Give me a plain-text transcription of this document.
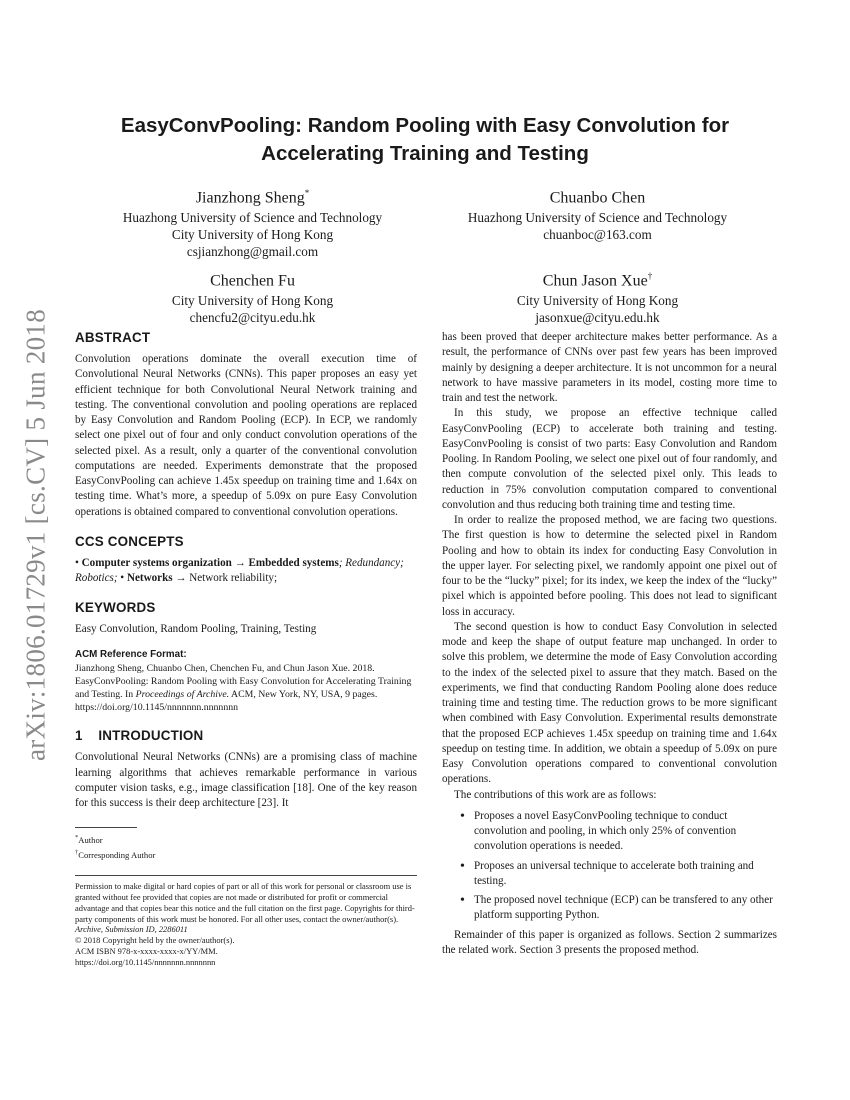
arXiv:1806.01729v1 [cs.CV] 5 Jun 2018
EasyConvPooling: Random Pooling with Easy Convolution for Accelerating Training and Testing
Jianzhong Sheng*
Huazhong University of Science and Technology
City University of Hong Kong
csjianzhong@gmail.com
Chuanbo Chen
Huazhong University of Science and Technology
chuanboc@163.com
Chenchen Fu
City University of Hong Kong
chencfu2@cityu.edu.hk
Chun Jason Xue†
City University of Hong Kong
jasonxue@cityu.edu.hk
ABSTRACT

Convolution operations dominate the overall execution time of Convolutional Neural Networks (CNNs). This paper proposes an easy yet efficient technique for both Convolutional Neural Network training and testing. The conventional convolution and pooling operations are replaced by Easy Convolution and Random Pooling (ECP). In ECP, we randomly select one pixel out of four and only conduct convolution operations of the selected pixel. As a result, only a quarter of the conventional convolution computations are needed. Experiments demonstrate that the proposed EasyConvPooling can achieve 1.45x speedup on training time and 1.64x on testing time. What’s more, a speedup of 5.09x on pure Easy Convolution operations is obtained compared to conventional convolution operations.

CCS CONCEPTS

• Computer systems organization → Embedded systems; Redundancy; Robotics; • Networks → Network reliability;

KEYWORDS

Easy Convolution, Random Pooling, Training, Testing

ACM Reference Format:

Jianzhong Sheng, Chuanbo Chen, Chenchen Fu, and Chun Jason Xue. 2018. EasyConvPooling: Random Pooling with Easy Convolution for Accelerating Training and Testing. In Proceedings of Archive. ACM, New York, NY, USA, 9 pages. https://doi.org/10.1145/nnnnnnn.nnnnnnn

1    INTRODUCTION

Convolutional Neural Networks (CNNs) are a promising class of machine learning algorithms that achieves remarkable performance in various computer vision tasks, e.g., image classification [18]. One of the key reason for this success is their deep architecture [23]. It

*Author
†Corresponding Author
Permission to make digital or hard copies of part or all of this work for personal or classroom use is granted without fee provided that copies are not made or distributed for profit or commercial advantage and that copies bear this notice and the full citation on the first page. Copyrights for third-party components of this work must be honored. For all other uses, contact the owner/author(s).
Archive, Submission ID, 2286011
© 2018 Copyright held by the owner/author(s).
ACM ISBN 978-x-xxxx-xxxx-x/YY/MM.
https://doi.org/10.1145/nnnnnnn.nnnnnnn

has been proved that deeper architecture makes better performance. As a result, the performance of CNNs over past few years has been improved mainly by designing a deeper architecture. It is not uncommon for a neural network to have massive parameters in its model, costing more time to train and test the network.

In this study, we propose an effective technique called EasyConvPooling (ECP) to accelerate both training and testing. EasyConvPooling is consist of two parts: Easy Convolution and Random Pooling. In Random Pooling, we select one pixel out of four randomly, and then compute convolution of the selected pixel only. This leads to reduction in 75% convolution computation compared to conventional convolution and thus reducing both training time and testing time.

In order to realize the proposed method, we are facing two questions. The first question is how to determine the selected pixel in Random Pooling and how to obtain its index for conducting Easy Convolution in the upper layer. For selecting pixel, we randomly appoint one pixel out of four to be the “lucky” pixel; for its index, we keep the index of the “lucky” pixel which is appointed before pooling. This does not lead to significant loss in accuracy.

The second question is how to conduct Easy Convolution in selected mode and keep the shape of output feature map unchanged. In order to solve this problem, we determine the mode of Easy Convolution according to the index of the selected pixel to assure that they match. Based on the experiments, we find that conducting Random Pooling alone does reduce training time and testing time. The reduction grows to be more significant when combined with Easy Convolution. Experimental results demonstrate that the proposed ECP achieves 1.45x speedup on training time and 1.64x speedup on testing time. In addition, we obtain a speedup of 5.09x on pure Easy Convolution operations compared to conventional convolution operations.

The contributions of this work are as follows:

• Proposes a novel EasyConvPooling technique to conduct convolution and pooling, in which only 25% of convention convolution operations is needed.
• Proposes an universal technique to accelerate both training and testing.
• The proposed novel technique (ECP) can be transfered to any other platform supporting Python.

Remainder of this paper is organized as follows. Section 2 summarizes the related work. Section 3 presents the proposed method.
